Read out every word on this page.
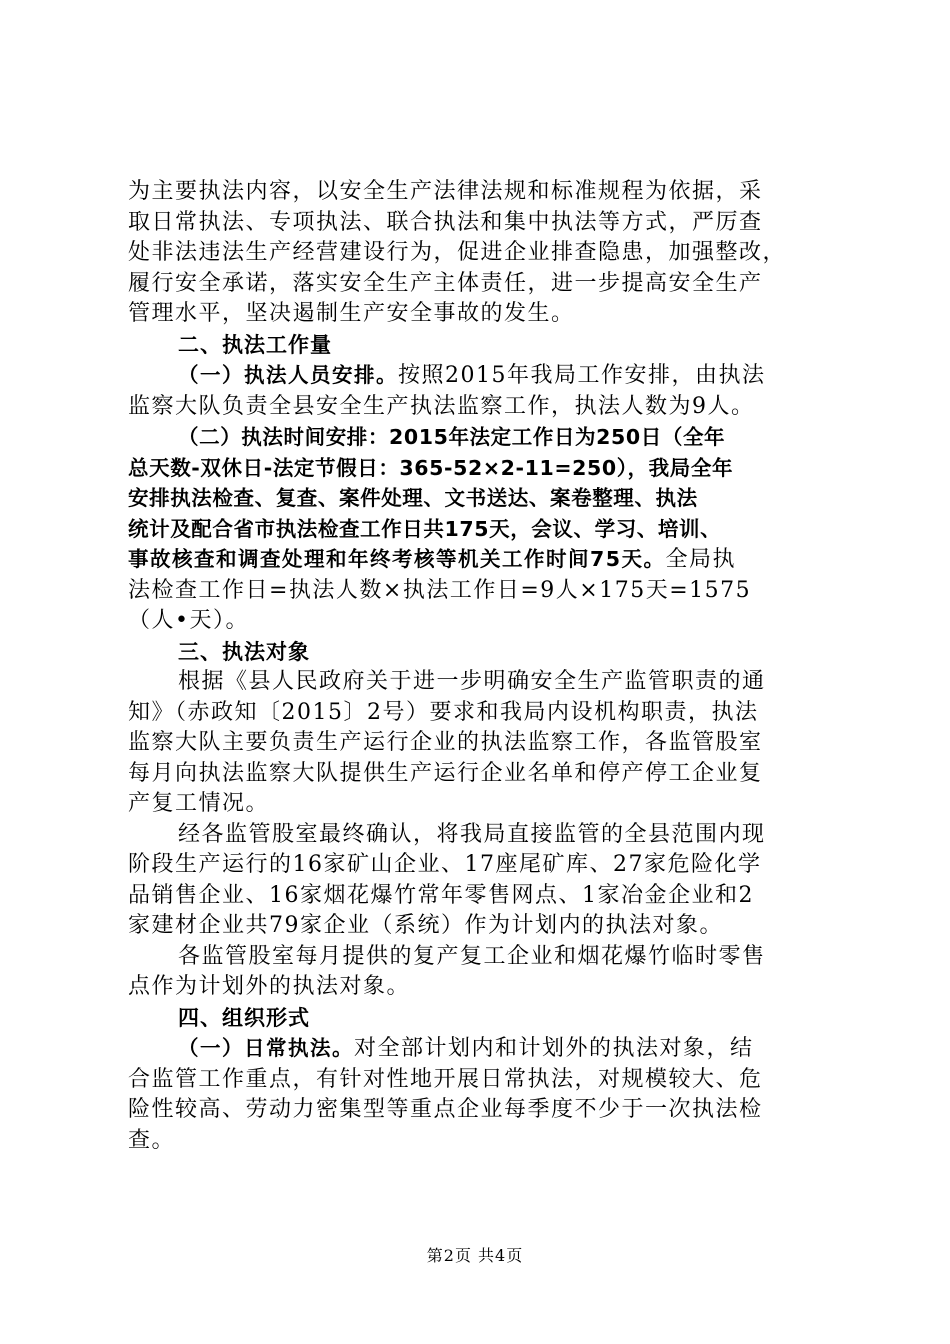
为主要执法内容，以安全生产法律法规和标准规程为依据，采
取日常执法、专项执法、联合执法和集中执法等方式，严厉查
处非法违法生产经营建设行为，促进企业排查隐患，加强整改，
履行安全承诺，落实安全生产主体责任，进一步提高安全生产
管理水平，坚决遏制生产安全事故的发生。
二、执法工作量
（一）执法人员安排。按照2015年我局工作安排，由执法
监察大队负责全县安全生产执法监察工作，执法人数为9人。
（二）执法时间安排：2015年法定工作日为250日（全年
总天数-双休日-法定节假日：365-52×2-11=250），我局全年
安排执法检查、复查、案件处理、文书送达、案卷整理、执法
统计及配合省市执法检查工作日共175天，会议、学习、培训、
事故核查和调查处理和年终考核等机关工作时间75天。全局执
法检查工作日=执法人数×执法工作日=9人×175天=1575
（人•天）。
三、执法对象
根据《县人民政府关于进一步明确安全生产监管职责的通
知》（赤政知〔2015〕2号）要求和我局内设机构职责，执法
监察大队主要负责生产运行企业的执法监察工作，各监管股室
每月向执法监察大队提供生产运行企业名单和停产停工企业复
产复工情况。
经各监管股室最终确认，将我局直接监管的全县范围内现
阶段生产运行的16家矿山企业、17座尾矿库、27家危险化学
品销售企业、16家烟花爆竹常年零售网点、1家冶金企业和2
家建材企业共79家企业（系统）作为计划内的执法对象。
各监管股室每月提供的复产复工企业和烟花爆竹临时零售
点作为计划外的执法对象。
四、组织形式
（一）日常执法。对全部计划内和计划外的执法对象，结
合监管工作重点，有针对性地开展日常执法，对规模较大、危
险性较高、劳动力密集型等重点企业每季度不少于一次执法检
查。
第2页 共4页
